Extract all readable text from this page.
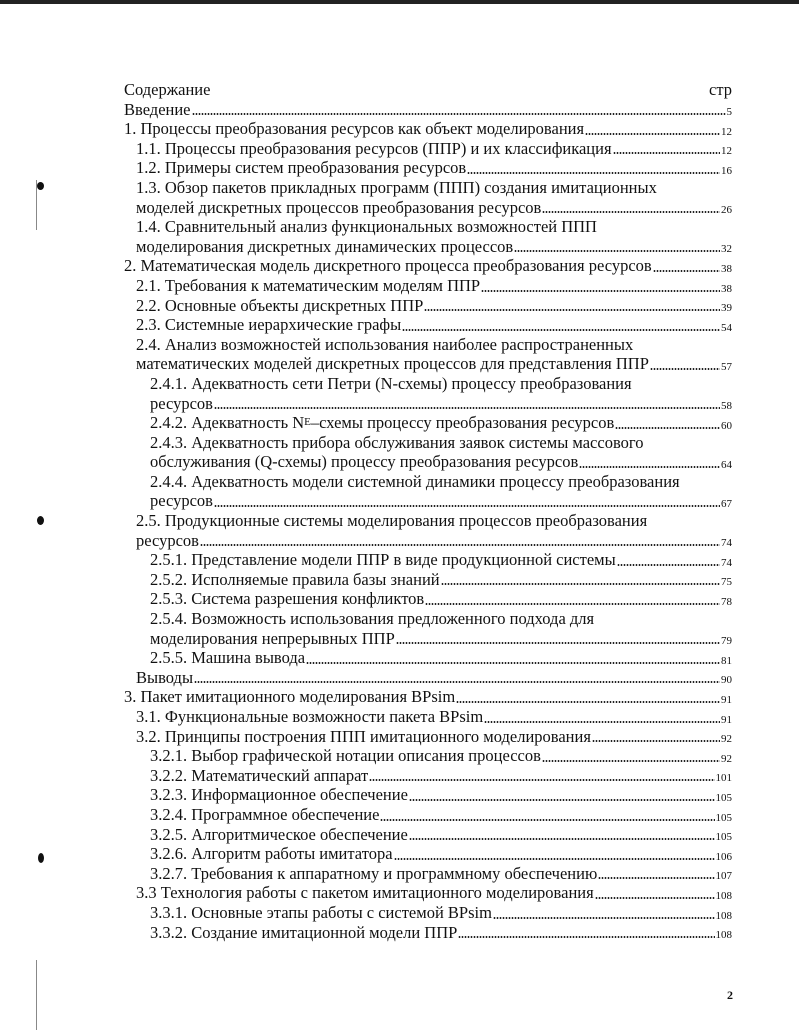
Содержание	стр
Введение	5
1. Процессы преобразования ресурсов как объект моделирования	12
1.1. Процессы преобразования ресурсов (ППР) и их классификация	12
1.2. Примеры систем преобразования ресурсов	16
1.3. Обзор пакетов прикладных программ (ППП) создания имитационных
моделей дискретных процессов преобразования ресурсов	26
1.4. Сравнительный анализ функциональных возможностей ППП
моделирования дискретных динамических процессов	32
2. Математическая модель дискретного процесса преобразования ресурсов	38
2.1. Требования к математическим моделям ППР	38
2.2. Основные объекты дискретных ППР	39
2.3. Системные иерархические графы	54
2.4. Анализ возможностей использования наиболее распространенных
математических моделей дискретных процессов для представления ППР	57
2.4.1. Адекватность сети Петри (N-схемы) процессу преобразования
ресурсов	58
2.4.2. Адекватность N E –схемы процессу преобразования ресурсов	60
2.4.3. Адекватность прибора обслуживания заявок системы массового
обслуживания (Q-схемы) процессу преобразования ресурсов	64
2.4.4. Адекватность модели системной динамики процессу преобразования
ресурсов	67
2.5. Продукционные системы моделирования процессов преобразования
ресурсов	74
2.5.1. Представление модели ППР в виде продукционной системы	74
2.5.2. Исполняемые правила базы знаний	75
2.5.3. Система разрешения конфликтов	78
2.5.4. Возможность использования предложенного подхода для
моделирования непрерывных ППР	79
2.5.5. Машина вывода	81
Выводы	90
3. Пакет имитационного моделирования BPsim	91
3.1. Функциональные возможности пакета BPsim	91
3.2. Принципы построения ППП имитационного моделирования	92
3.2.1. Выбор графической нотации описания процессов	92
3.2.2. Математический аппарат	101
3.2.3. Информационное обеспечение	105
3.2.4. Программное обеспечение	105
3.2.5. Алгоритмическое обеспечение	105
3.2.6. Алгоритм работы имитатора	106
3.2.7. Требования к аппаратному и программному обеспечению	107
3.3 Технология работы с пакетом имитационного моделирования	108
3.3.1. Основные этапы работы с системой BPsim	108
3.3.2. Создание имитационной модели ППР	108
2
